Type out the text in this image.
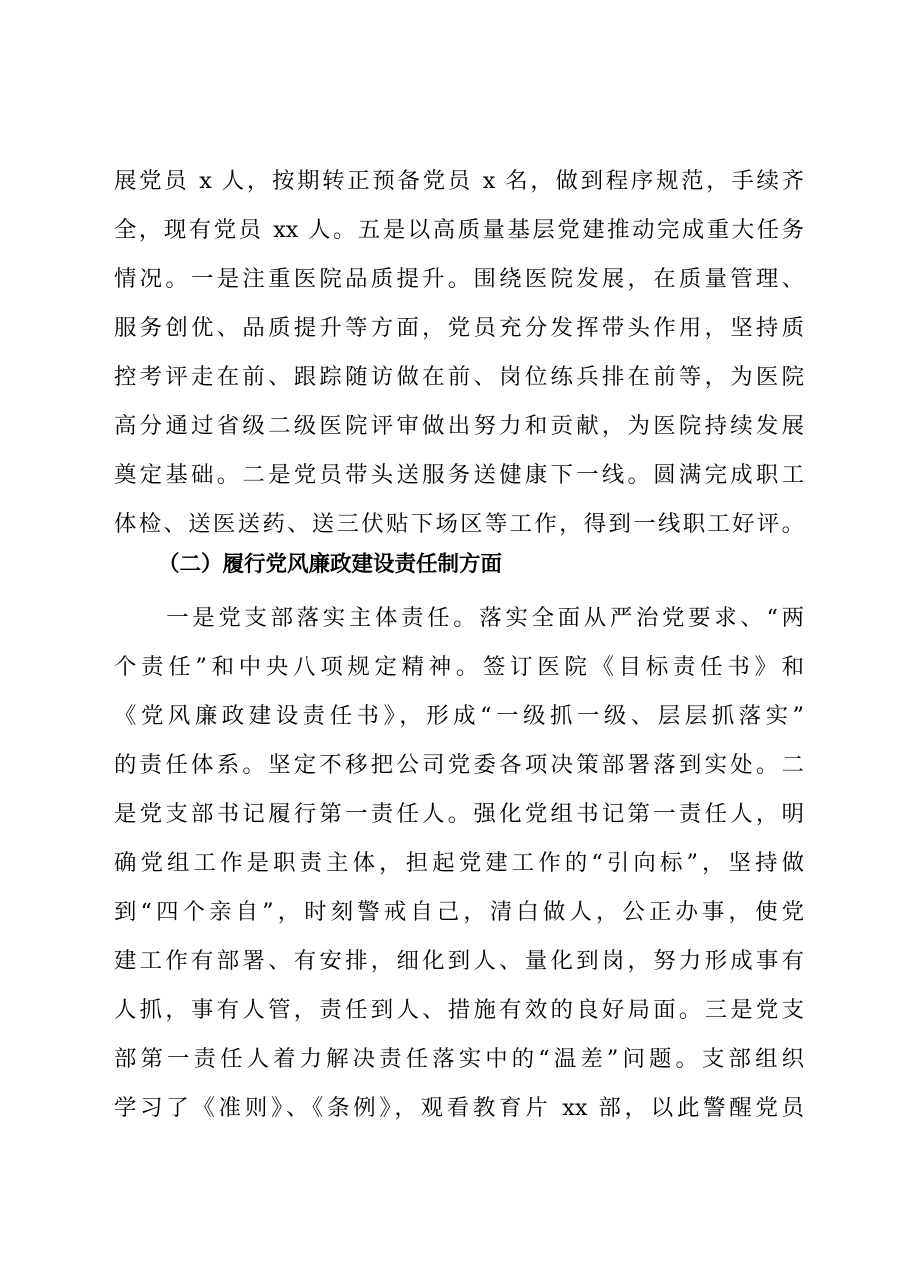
展党员 x 人，按期转正预备党员 x 名，做到程序规范，手续齐
全，现有党员 xx 人。五是以高质量基层党建推动完成重大任务
情况。一是注重医院品质提升。围绕医院发展，在质量管理、
服务创优、品质提升等方面，党员充分发挥带头作用，坚持质
控考评走在前、跟踪随访做在前、岗位练兵排在前等，为医院
高分通过省级二级医院评审做出努力和贡献，为医院持续发展
奠定基础。二是党员带头送服务送健康下一线。圆满完成职工
体检、送医送药、送三伏贴下场区等工作，得到一线职工好评。
（二）履行党风廉政建设责任制方面
　　一是党支部落实主体责任。落实全面从严治党要求、“两
个责任”和中央八项规定精神。签订医院《目标责任书》和
《党风廉政建设责任书》，形成“一级抓一级、层层抓落实”
的责任体系。坚定不移把公司党委各项决策部署落到实处。二
是党支部书记履行第一责任人。强化党组书记第一责任人，明
确党组工作是职责主体，担起党建工作的“引向标”，坚持做
到“四个亲自”，时刻警戒自己，清白做人，公正办事，使党
建工作有部署、有安排，细化到人、量化到岗，努力形成事有
人抓，事有人管，责任到人、措施有效的良好局面。三是党支
部第一责任人着力解决责任落实中的“温差”问题。支部组织
学习了《准则》、《条例》，观看教育片 xx 部，以此警醒党员
